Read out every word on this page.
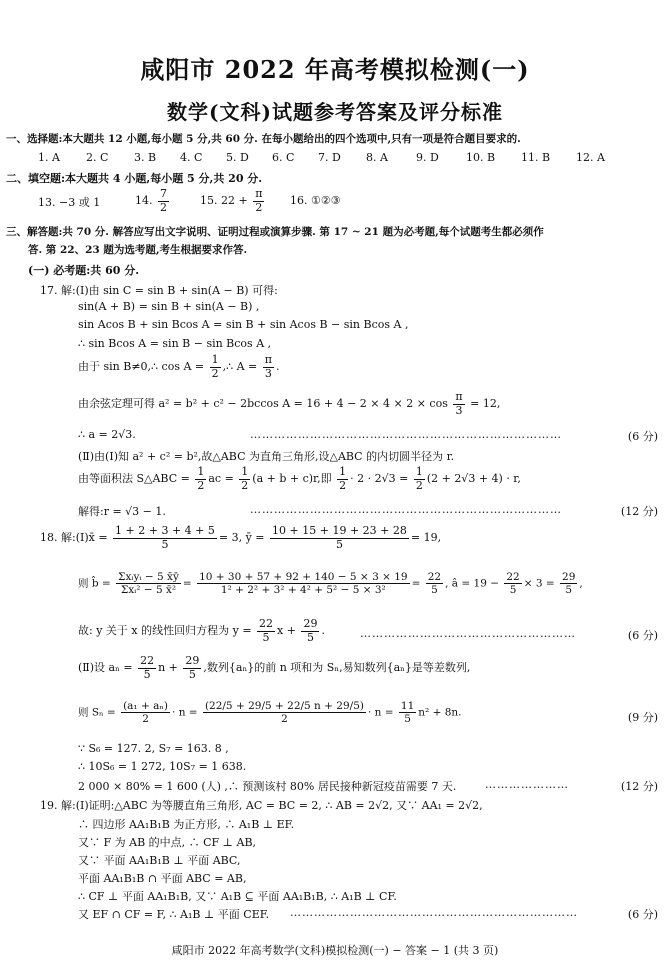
咸阳市 2022 年高考模拟检测(一)
数学(文科)试题参考答案及评分标准
一、选择题:本大题共 12 小题,每小题 5 分,共 60 分. 在每小题给出的四个选项中,只有一项是符合题目要求的.
1. A 2. C 3. B 4. C 5. D 6. C 7. D 8. A	9. D 10. B 11. B 12. A
二、填空题:本大题共 4 小题,每小题 5 分,共 20 分.
13. −3 或 1	14. $\frac{7}{2}$	15. $22 + \frac{\pi}{2} 16$. ①②③
三、解答题:共 70 分. 解答应写出文字说明、证明过程或演算步骤. 第 17 ~ 21 题为必考题,每个试题考生都必须作
答. 第 22、23 题为选考题,考生根据要求作答.
(一) 必考题:共 60 分.
17. 解:(Ⅰ)由 sin C = sin B + sin(A − B) 可得:
sin(A + B) = sin B + sin(A − B) ,
sin Acos B + sin Bcos A = sin B + sin Acos B − sin Bcos A ,
∴ sin Bcos A = sin B − sin Bcos A ,
由于 sin B≠0,∴ $\cos A = \frac{1}{2}$ ,∴ $A = \frac{\pi}{3}$ .
由余弦定理可得 a² = b² + c² − 2bccos $A = 16 + 4 - 2 \times 4 \times 2 \times \cos \frac{\pi}{3} = 12$,
∴ a = 2√3.	……………………………………………………………………	(6 分)
(Ⅱ)由(Ⅰ)知 a² + c² = b²,故△ABC 为直角三角形,设△ABC 的内切圆半径为 r.
由等面积法 S△ABC = $\frac{1}{2}$ ac = $\frac{1}{2} (a + b + c)r$,即 $\frac{1}{2} \cdot 2 \cdot 2√3 = \frac{1}{2} (2 + 2√3 + 4) \cdot r$,
解得:r = √3 − 1.	……………………………………………………………………	(12 分)
18. 解:(Ⅰ)x̄ = $\frac{1 + 2 + 3 + 4 + 5}{5} = 3$, ȳ = $\frac{10 + 15 + 19 + 23 + 28}{5} = 19$,
则 b̂ = $\frac{\text{Σxᵢyᵢ − 5 x̄ȳ}}{\text{Σxᵢ² − 5 x̄²}} = \frac{10 + 30 + 57 + 92 + 140 - 5 \times 3 \times 19}{\text{1² + 2² + 3² + 4² + 5² − 5 × 3²}} = \frac{22}{5}$ , â = $19 - \frac{22}{5} \times 3 = \frac{29}{5}$ ,
故: y 关于 x 的线性回归方程为 $y = \frac{22}{5}$ $x + \frac{29}{5}$ .	………………………………………………	(6 分)
(Ⅱ)设 $a_n = \frac{22}{5}$ $n + \frac{29}{5}$ ,数列{aₙ}的前 n 项和为 Sₙ,易知数列{aₙ}是等差数列,
则 $S_n = \frac{\text{(a₁ + aₙ)}}{2} \cdot n = \frac{(22/5 + 29/5 + 22/5 n + 29/5)}{2} \cdot n = \frac{11}{5} n^2 + 8n$.	(9 分)
∵ S₆ = 127. 2, S₇ = 163. 8 ,
∴ 10S₆ = 1 272, 10S₇ = 1 638.
2 000 × 80% = 1 600 (人) ,∴ 预测该村 80% 居民接种新冠疫苗需要 7 天.	…………………	(12 分)
19. 解:(Ⅰ)证明:△ABC 为等腰直角三角形, AC = BC = 2, ∴ AB = 2√2, 又∵ AA₁ = 2√2,
∴ 四边形 AA₁B₁B 为正方形, ∴ A₁B ⊥ EF.
又∵ F 为 AB 的中点, ∴ CF ⊥ AB,
又∵ 平面 AA₁B₁B ⊥ 平面 ABC,
平面 AA₁B₁B ∩ 平面 ABC = AB,
∴ CF ⊥ 平面 AA₁B₁B, 又∵ A₁B ⊆ 平面 AA₁B₁B, ∴ A₁B ⊥ CF.
又 EF ∩ CF = F, ∴ A₁B ⊥ 平面 CEF. ………………………………………………………………	(6 分)
咸阳市 2022 年高考数学(文科)模拟检测(一) − 答案 − 1 (共 3 页)
